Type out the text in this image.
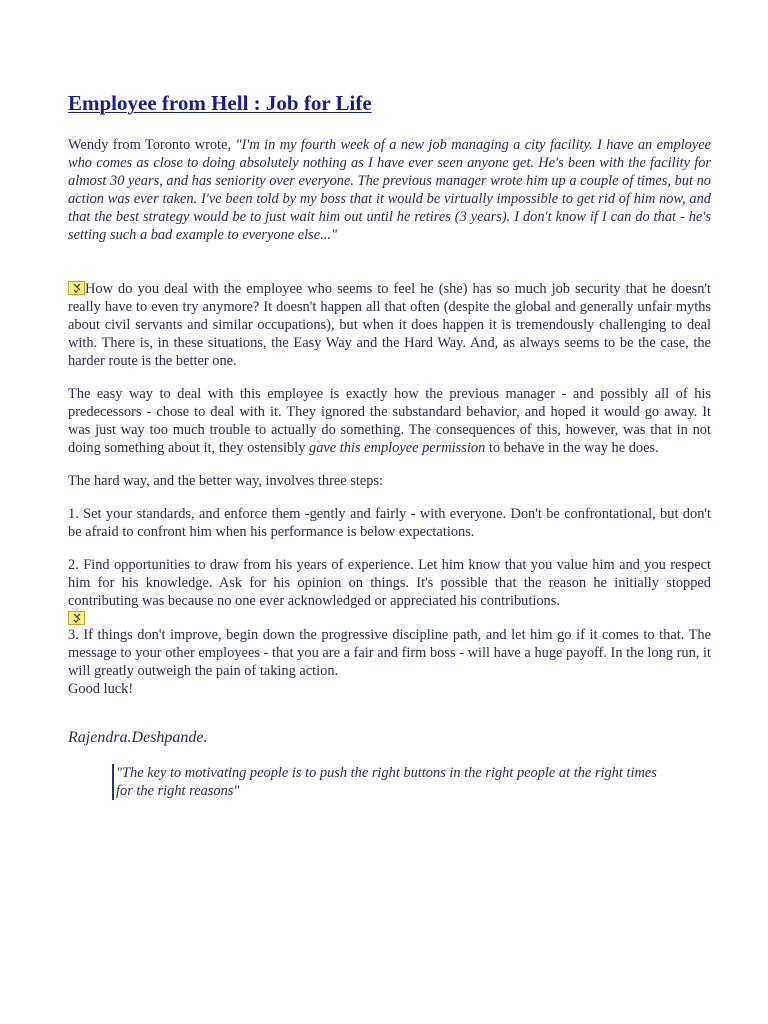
Employee from Hell : Job for Life

Wendy from Toronto wrote, "I'm in my fourth week of a new job managing a city facility. I have an employee who comes as close to doing absolutely nothing as I have ever seen anyone get. He's been with the facility for almost 30 years, and has seniority over everyone. The previous manager wrote him up a couple of times, but no action was ever taken. I've been told by my boss that it would be virtually impossible to get rid of him now, and that the best strategy would be to just wait him out until he retires (3 years). I don't know if I can do that - he's setting such a bad example to everyone else..."

How do you deal with the employee who seems to feel he (she) has so much job security that he doesn't really have to even try anymore? It doesn't happen all that often (despite the global and generally unfair myths about civil servants and similar occupations), but when it does happen it is tremendously challenging to deal with. There is, in these situations, the Easy Way and the Hard Way. And, as always seems to be the case, the harder route is the better one.

The easy way to deal with this employee is exactly how the previous manager - and possibly all of his predecessors - chose to deal with it. They ignored the substandard behavior, and hoped it would go away. It was just way too much trouble to actually do something. The consequences of this, however, was that in not doing something about it, they ostensibly gave this employee permission to behave in the way he does.

The hard way, and the better way, involves three steps:

1. Set your standards, and enforce them -gently and fairly - with everyone. Don't be confrontational, but don't be afraid to confront him when his performance is below expectations.

2. Find opportunities to draw from his years of experience. Let him know that you value him and you respect him for his knowledge. Ask for his opinion on things. It's possible that the reason he initially stopped contributing was because no one ever acknowledged or appreciated his contributions.

3. If things don't improve, begin down the progressive discipline path, and let him go if it comes to that. The message to your other employees - that you are a fair and firm boss - will have a huge payoff. In the long run, it will greatly outweigh the pain of taking action.

Good luck!

Rajendra.Deshpande.
"The key to motivating people is to push the right buttons in the right people at the right times for the right reasons"
